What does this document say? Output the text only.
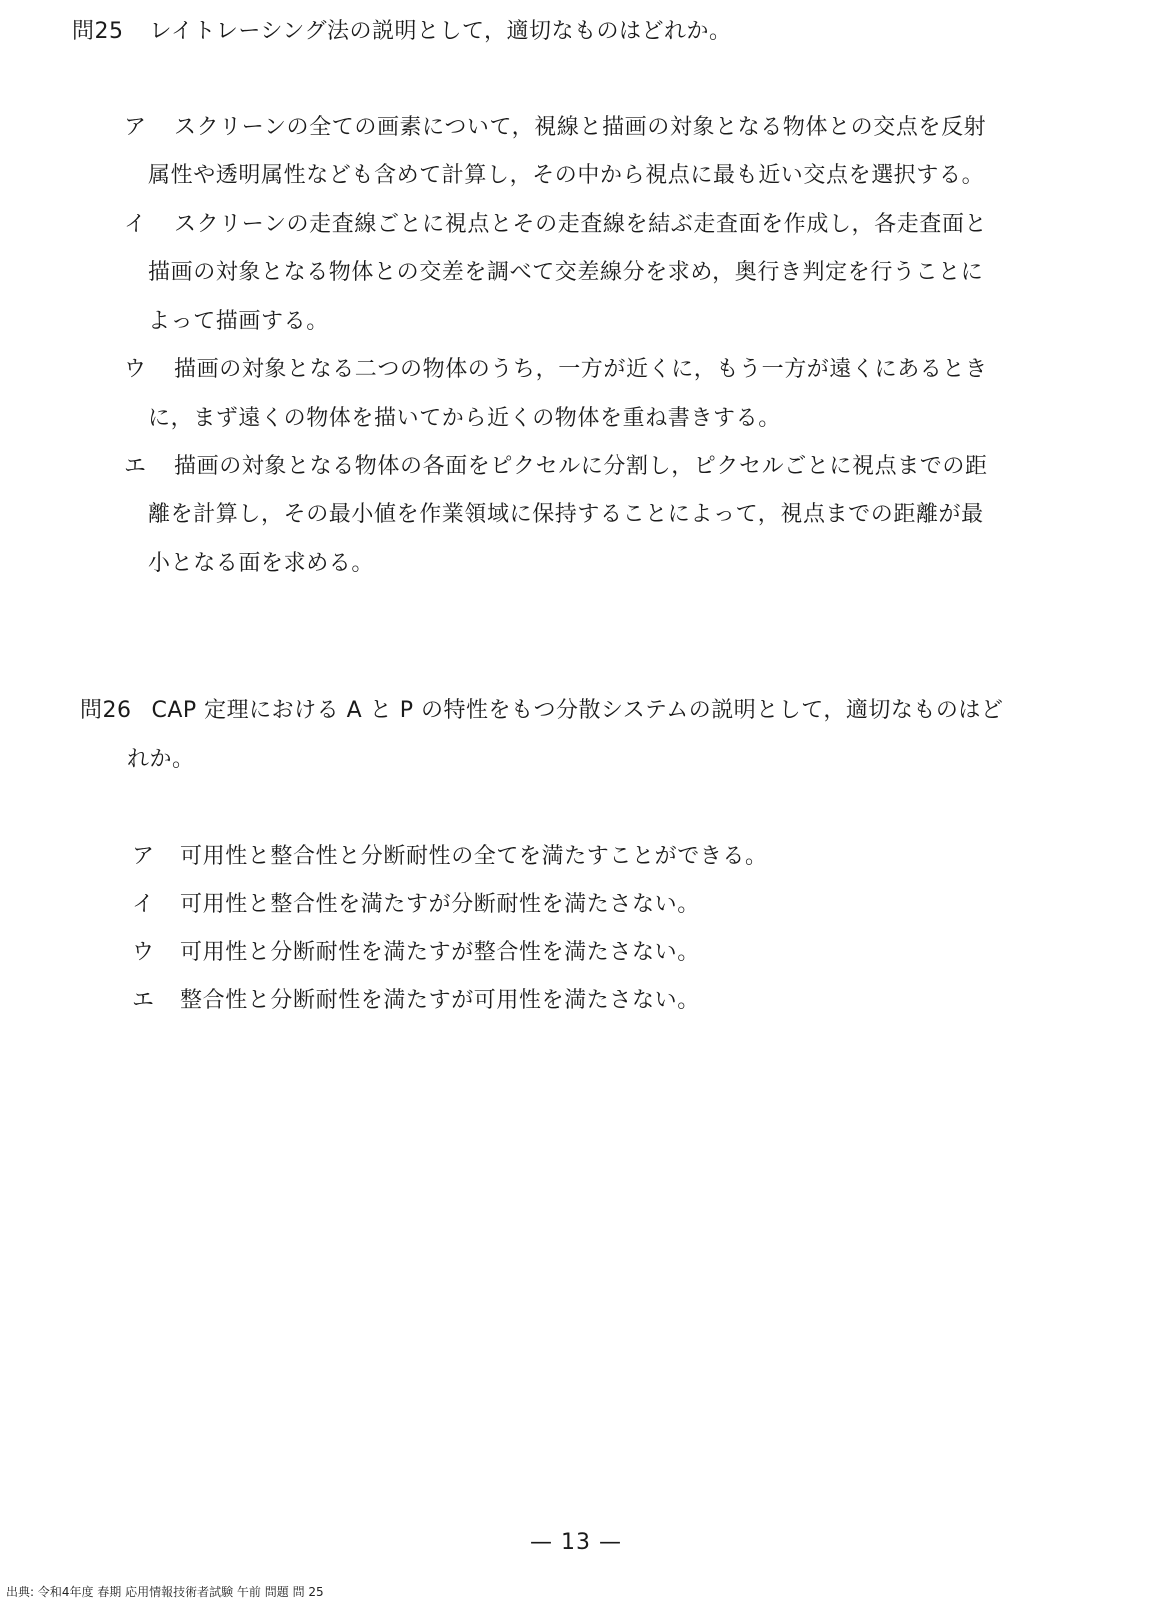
問25 レイトレーシング法の説明として，適切なものはどれか。
ア スクリーンの全ての画素について，視線と描画の対象となる物体との交点を反射
属性や透明属性なども含めて計算し，その中から視点に最も近い交点を選択する。
イ スクリーンの走査線ごとに視点とその走査線を結ぶ走査面を作成し，各走査面と
描画の対象となる物体との交差を調べて交差線分を求め，奥行き判定を行うことに
よって描画する。
ウ 描画の対象となる二つの物体のうち，一方が近くに，もう一方が遠くにあるとき
に，まず遠くの物体を描いてから近くの物体を重ね書きする。
エ 描画の対象となる物体の各面をピクセルに分割し，ピクセルごとに視点までの距
離を計算し，その最小値を作業領域に保持することによって，視点までの距離が最
小となる面を求める。
問26 CAP 定理における A と P の特性をもつ分散システムの説明として，適切なものはど
れか。
ア 可用性と整合性と分断耐性の全てを満たすことができる。
イ 可用性と整合性を満たすが分断耐性を満たさない。
ウ 可用性と分断耐性を満たすが整合性を満たさない。
エ 整合性と分断耐性を満たすが可用性を満たさない。
— 13 —
出典: 令和4年度 春期 応用情報技術者試験 午前 問題 問 25
